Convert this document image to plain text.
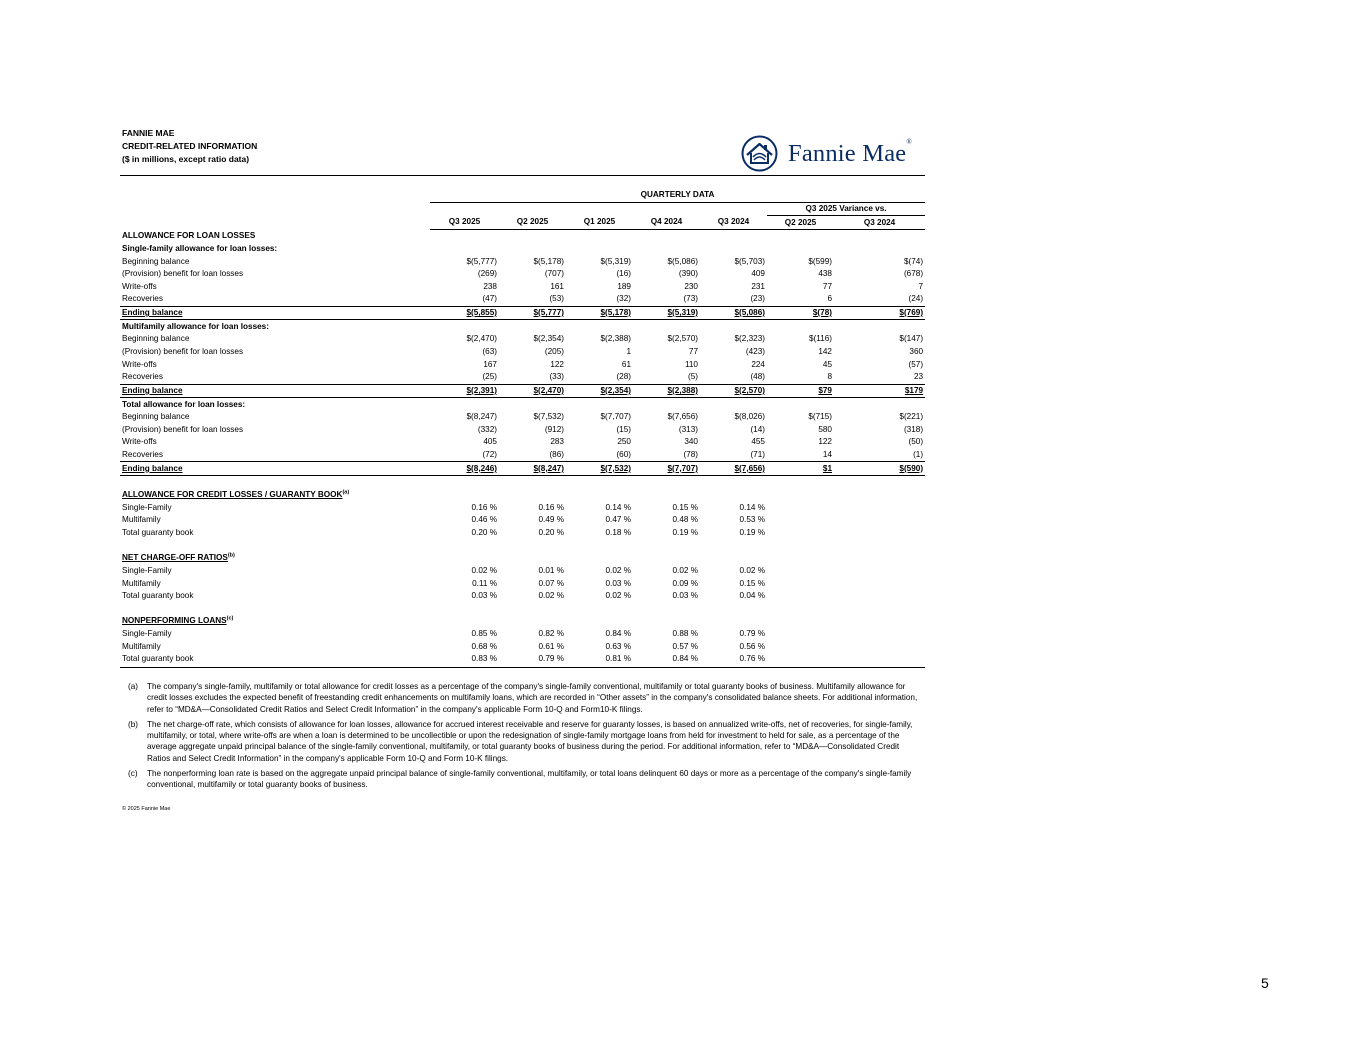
FANNIE MAE
CREDIT-RELATED INFORMATION
($ in millions, except ratio data)	Fannie Mae®
	QUARTERLY DATA						
						Q3 2025 Variance vs.	
	Q3 2025	Q2 2025	Q1 2025	Q4 2024	Q3 2024	Q2 2025	Q3 2024
ALLOWANCE FOR LOAN LOSSES							
Single-family allowance for loan losses:							
Beginning balance	$(5,777)	$(5,178)	$(5,319)	$(5,086)	$(5,703)	$(599)	$(74)
(Provision) benefit for loan losses	(269)	(707)	(16)	(390)	409	438	(678)
Write-offs	238	161	189	230	231	77	7
Recoveries	(47)	(53)	(32)	(73)	(23)	6	(24)
Ending balance	$(5,855)	$(5,777)	$(5,178)	$(5,319)	$(5,086)	$(78)	$(769)
Multifamily allowance for loan losses:							
Beginning balance	$(2,470)	$(2,354)	$(2,388)	$(2,570)	$(2,323)	$(116)	$(147)
(Provision) benefit for loan losses	(63)	(205)	1	77	(423)	142	360
Write-offs	167	122	61	110	224	45	(57)
Recoveries	(25)	(33)	(28)	(5)	(48)	8	23
Ending balance	$(2,391)	$(2,470)	$(2,354)	$(2,388)	$(2,570)	$79	$179
Total allowance for loan losses:							
Beginning balance	$(8,247)	$(7,532)	$(7,707)	$(7,656)	$(8,026)	$(715)	$(221)
(Provision) benefit for loan losses	(332)	(912)	(15)	(313)	(14)	580	(318)
Write-offs	405	283	250	340	455	122	(50)
Recoveries	(72)	(86)	(60)	(78)	(71)	14	(1)
Ending balance	$(8,246)	$(8,247)	$(7,532)	$(7,707)	$(7,656)	$1	$(590)

ALLOWANCE FOR CREDIT LOSSES / GUARANTY BOOK$^{(a)}$							
Single-Family	0.16 %	0.16 %	0.14 %	0.15 %	0.14 %		
Multifamily	0.46 %	0.49 %	0.47 %	0.48 %	0.53 %		
Total guaranty book	0.20 %	0.20 %	0.18 %	0.19 %	0.19 %		

NET CHARGE-OFF RATIOS$^{(b)}$							
Single-Family	0.02 %	0.01 %	0.02 %	0.02 %	0.02 %		
Multifamily	0.11 %	0.07 %	0.03 %	0.09 %	0.15 %		
Total guaranty book	0.03 %	0.02 %	0.02 %	0.03 %	0.04 %		

NONPERFORMING LOANS$^{(c)}$							
Single-Family	0.85 %	0.82 %	0.84 %	0.88 %	0.79 %		
Multifamily	0.68 %	0.61 %	0.63 %	0.57 %	0.56 %		
Total guaranty book	0.83 %	0.79 %	0.81 %	0.84 %	0.76 %		
(a)	The company's single-family, multifamily or total allowance for credit losses as a percentage of the company's single-family conventional, multifamily or total guaranty books of business. Multifamily allowance for credit losses excludes the expected benefit of freestanding credit enhancements on multifamily loans, which are recorded in “Other assets” in the company's consolidated balance sheets. For additional information, refer to “MD&A—Consolidated Credit Ratios and Select Credit Information” in the company's applicable Form 10-Q and Form10-K filings.
(b)	The net charge-off rate, which consists of allowance for loan losses, allowance for accrued interest receivable and reserve for guaranty losses, is based on annualized write-offs, net of recoveries, for single-family, multifamily, or total, where write-offs are when a loan is determined to be uncollectible or upon the redesignation of single-family mortgage loans from held for investment to held for sale, as a percentage of the average aggregate unpaid principal balance of the single-family conventional, multifamily, or total guaranty books of business during the period. For additional information, refer to “MD&A—Consolidated Credit Ratios and Select Credit Information” in the company's applicable Form 10-Q and Form 10-K filings.
(c)	The nonperforming loan rate is based on the aggregate unpaid principal balance of single-family conventional, multifamily, or total loans delinquent 60 days or more as a percentage of the company's single-family conventional, multifamily or total guaranty books of business.
© 2025 Fannie Mae
5
